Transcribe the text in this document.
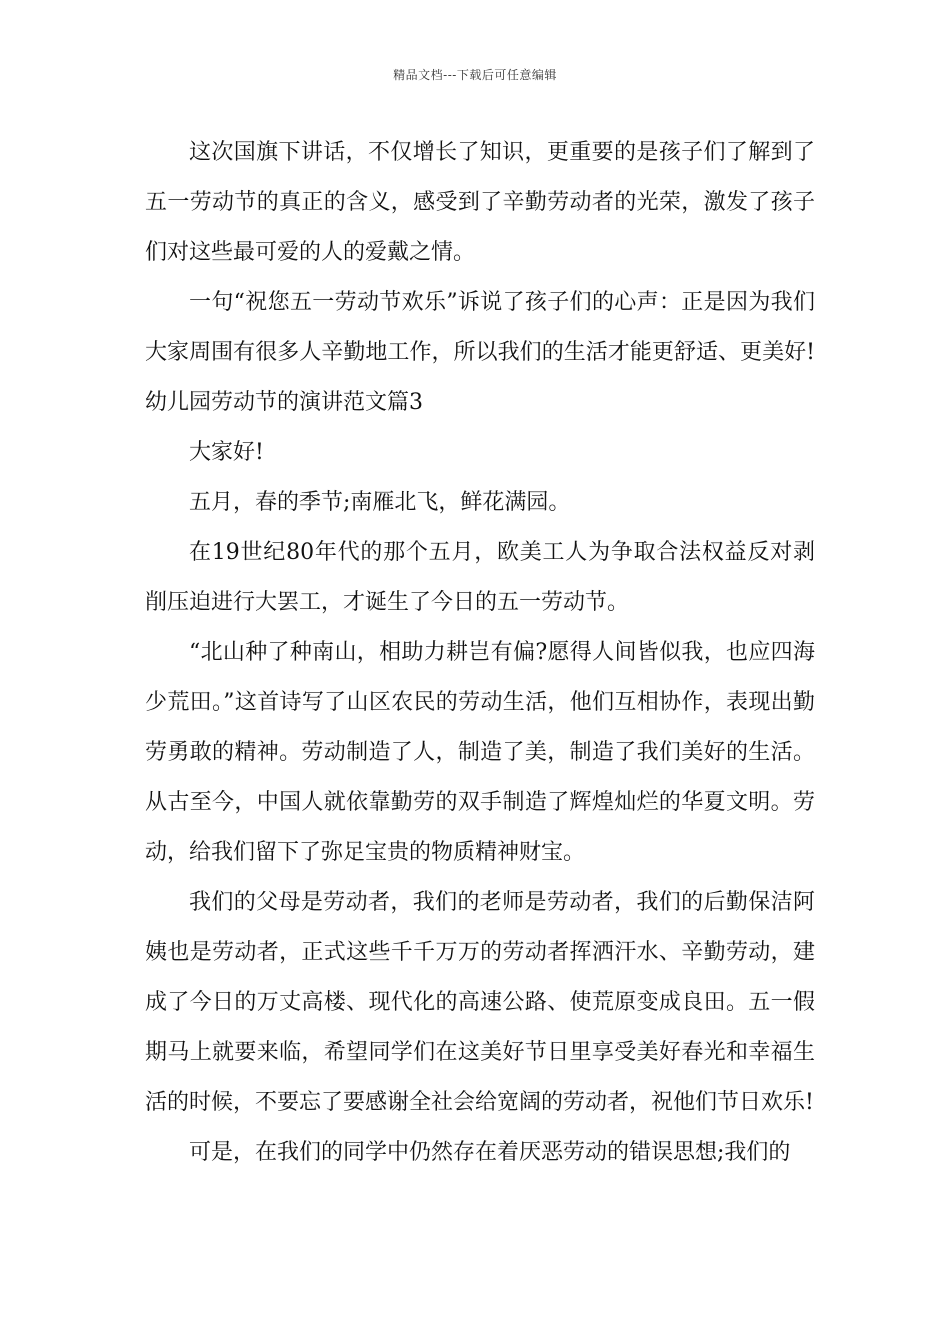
精品文档---下载后可任意编辑

这次国旗下讲话，不仅增长了知识，更重要的是孩子们了解到了五一劳动节的真正的含义，感受到了辛勤劳动者的光荣，激发了孩子们对这些最可爱的人的爱戴之情。

一句“祝您五一劳动节欢乐”诉说了孩子们的心声：正是因为我们大家周围有很多人辛勤地工作，所以我们的生活才能更舒适、更美好!幼儿园劳动节的演讲范文篇3

大家好!

五月，春的季节;南雁北飞，鲜花满园。

在19世纪80年代的那个五月，欧美工人为争取合法权益反对剥削压迫进行大罢工，才诞生了今日的五一劳动节。

“北山种了种南山，相助力耕岂有偏?愿得人间皆似我，也应四海少荒田。”这首诗写了山区农民的劳动生活，他们互相协作，表现出勤劳勇敢的精神。劳动制造了人，制造了美，制造了我们美好的生活。从古至今，中国人就依靠勤劳的双手制造了辉煌灿烂的华夏文明。劳动，给我们留下了弥足宝贵的物质精神财宝。

我们的父母是劳动者，我们的老师是劳动者，我们的后勤保洁阿姨也是劳动者，正式这些千千万万的劳动者挥洒汗水、辛勤劳动，建成了今日的万丈高楼、现代化的高速公路、使荒原变成良田。五一假期马上就要来临，希望同学们在这美好节日里享受美好春光和幸福生活的时候，不要忘了要感谢全社会给宽阔的劳动者，祝他们节日欢乐!

可是，在我们的同学中仍然存在着厌恶劳动的错误思想;我们的
